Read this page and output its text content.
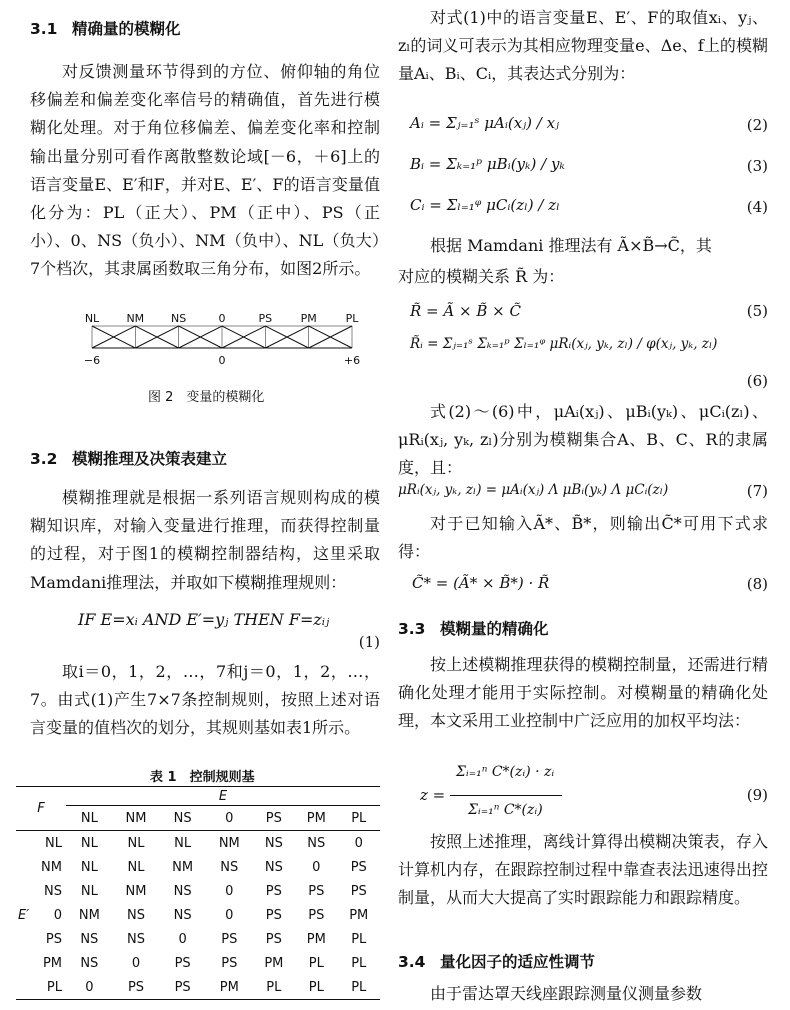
3.1 精确量的模糊化

对反馈测量环节得到的方位、俯仰轴的角位移偏差和偏差变化率信号的精确值，首先进行模糊化处理。对于角位移偏差、偏差变化率和控制输出量分别可看作离散整数论域[－6，＋6]上的语言变量E、E′和F，并对E、E′、F的语言变量值化分为：PL（正大）、PM（正中）、PS（正小）、0、NS（负小）、NM（负中）、NL（负大）7个档次，其隶属函数取三角分布，如图2所示。

NL NM NS	0	PS	PM	PL
−6	0	+6
图 2　变量的模糊化
3.2 模糊推理及决策表建立

模糊推理就是根据一系列语言规则构成的模糊知识库，对输入变量进行推理，而获得控制量的过程，对于图1的模糊控制器结构，这里采取Mamdani推理法，并取如下模糊推理规则：

IF E=xᵢ AND E′=yⱼ THEN F=zᵢⱼ
(1)

取i＝0，1，2，…，7和j＝0，1，2，…，7。由式(1)产生7×7条控制规则，按照上述对语言变量的值档次的划分，其规则基如表1所示。

表 1　控制规则基
F	E						
	NL	NM	NS	0	PS	PM	PL
NL	NL	NL	NL	NM	NS	NS	0
NM	NL	NL	NM	NS	NS	0	PS
NS	NL	NM	NS	0	PS	PS	PS

E′ 0	NM	NS	NS	0	PS	PS	PM
PS	NS	NS	0	PS	PS	PM	PL
PM	NS	0	PS	PS	PM	PL	PL
PL	0	PS	PS	PM	PL	PL	PL

对式(1)中的语言变量E、E′、F的取值xᵢ、yⱼ、zₗ的词义可表示为其相应物理变量e、Δe、f上的模糊量Aᵢ、Bᵢ、Cᵢ，其表达式分别为：

Aᵢ = Σⱼ₌₁ˢ μAᵢ(xⱼ) / xⱼ	(2)
Bᵢ = Σₖ₌₁ᵖ μBᵢ(yₖ) / yₖ	(3)
Cᵢ = Σₗ₌₁ᵠ μCᵢ(zₗ) / zₗ	(4)
根据 Mamdani 推理法有 Ã×B̃→C̃，其
对应的模糊关系 R̃ 为：
R̃ = Ã × B̃ × C̃	(5)
R̃ᵢ = Σⱼ₌₁ˢ Σₖ₌₁ᵖ Σₗ₌₁ᵠ μRᵢ(xⱼ, yₖ, zₗ) / φ(xⱼ, yₖ, zₗ)
(6)

式(2)～(6)中，μAᵢ(xⱼ)、μBᵢ(yₖ)、μCᵢ(zₗ)、μRᵢ(xⱼ, yₖ, zₗ)分别为模糊集合A、B、C、R的隶属度，且：

μRᵢ(xⱼ, yₖ, zₗ) = μAᵢ(xⱼ) Λ μBᵢ(yₖ) Λ μCᵢ(zₗ)	(7)

对于已知输入Ã*、B̃*，则输出C̃*可用下式求得：

C̃* = (Ã* × B̃*) · R̃	(8)
3.3 模糊量的精确化

按上述模糊推理获得的模糊控制量，还需进行精确化处理才能用于实际控制。对模糊量的精确化处理，本文采用工业控制中广泛应用的加权平均法：

z =
Σᵢ₌₁ⁿ C*(zᵢ) · zᵢ
Σᵢ₌₁ⁿ C*(zᵢ)
(9)

按照上述推理，离线计算得出模糊决策表，存入计算机内存，在跟踪控制过程中靠查表法迅速得出控制量，从而大大提高了实时跟踪能力和跟踪精度。

3.4 量化因子的适应性调节

由于雷达罩天线座跟踪测量仪测量参数
